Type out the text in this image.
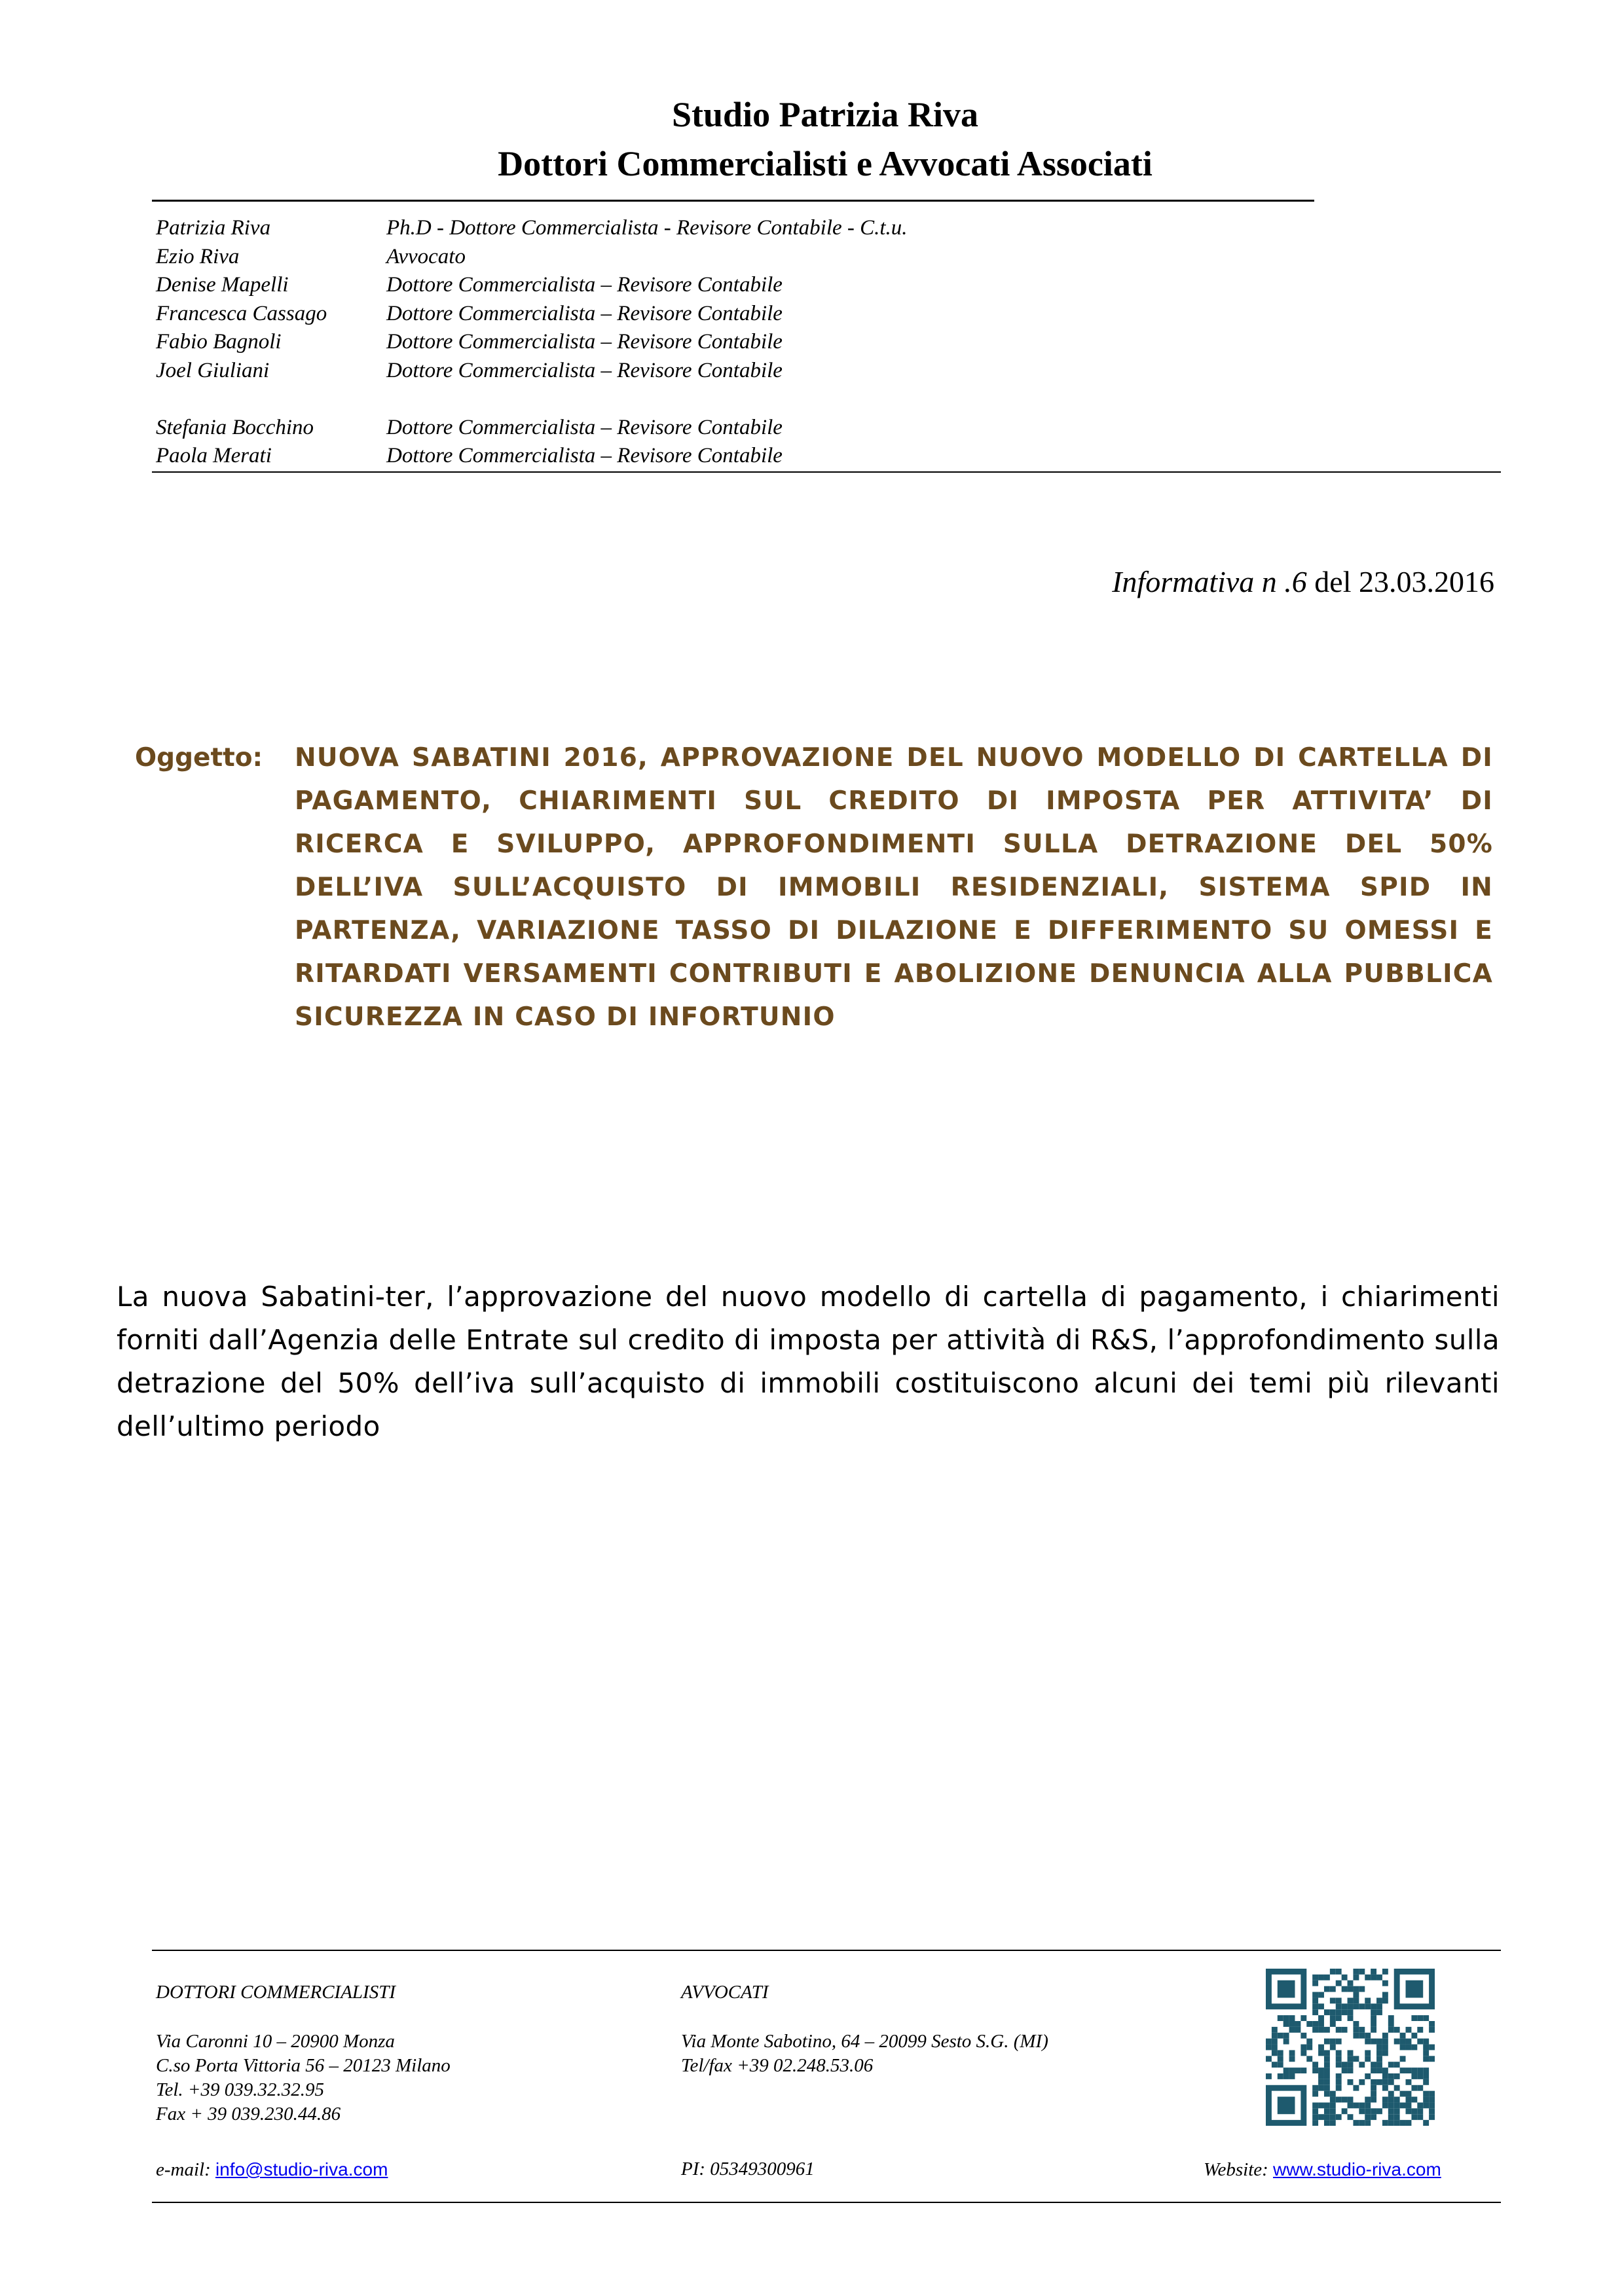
Studio Patrizia Riva
Dottori Commercialisti e Avvocati Associati
Patrizia Riva	Ph.D - Dottore Commercialista - Revisore Contabile - C.t.u.
Ezio Riva	Avvocato
Denise Mapelli	Dottore Commercialista – Revisore Contabile
Francesca Cassago	Dottore Commercialista – Revisore Contabile
Fabio Bagnoli	Dottore Commercialista – Revisore Contabile
Joel Giuliani	Dottore Commercialista – Revisore Contabile
Stefania Bocchino	Dottore Commercialista – Revisore Contabile
Paola Merati	Dottore Commercialista – Revisore Contabile
Informativa n .6 del 23.03.2016
Oggetto: NUOVA SABATINI 2016, APPROVAZIONE DEL NUOVO MODELLO DI CARTELLA DI PAGAMENTO, CHIARIMENTI SUL CREDITO DI IMPOSTA PER ATTIVITA’ DI RICERCA E SVILUPPO, APPROFONDIMENTI SULLA DETRAZIONE DEL 50% DELL’IVA SULL’ACQUISTO DI IMMOBILI RESIDENZIALI, SISTEMA SPID IN PARTENZA, VARIAZIONE TASSO DI DILAZIONE E DIFFERIMENTO SU OMESSI E RITARDATI VERSAMENTI CONTRIBUTI E ABOLIZIONE DENUNCIA ALLA PUBBLICA SICUREZZA IN CASO DI INFORTUNIO
La nuova Sabatini-ter, l’approvazione del nuovo modello di cartella di pagamento, i chiarimenti forniti dall’Agenzia delle Entrate sul credito di imposta per attività di R&S, l’approfondimento sulla detrazione del 50% dell’iva sull’acquisto di immobili costituiscono alcuni dei temi più rilevanti dell’ultimo periodo
DOTTORI COMMERCIALISTI
Via Caronni 10 – 20900 Monza
C.so Porta Vittoria 56 – 20123 Milano
Tel. +39 039.32.32.95
Fax + 39 039.230.44.86
AVVOCATI
Via Monte Sabotino, 64 – 20099 Sesto S.G. (MI)
Tel/fax +39 02.248.53.06
e-mail: info@studio-riva.com	PI: 05349300961	Website: www.studio-riva.com
